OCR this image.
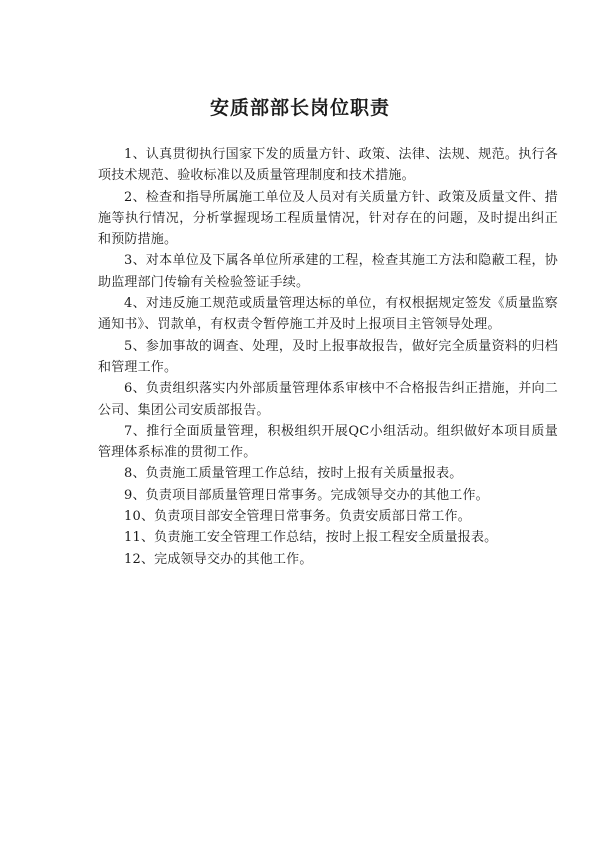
安质部部长岗位职责

1、认真贯彻执行国家下发的质量方针、政策、法律、法规、规范。执行各项技术规范、验收标准以及质量管理制度和技术措施。

2、检查和指导所属施工单位及人员对有关质量方针、政策及质量文件、措施等执行情况，分析掌握现场工程质量情况，针对存在的问题，及时提出纠正和预防措施。

3、对本单位及下属各单位所承建的工程，检查其施工方法和隐蔽工程，协助监理部门传输有关检验签证手续。

4、对违反施工规范或质量管理达标的单位，有权根据规定签发《质量监察通知书》、罚款单，有权责令暂停施工并及时上报项目主管领导处理。

5、参加事故的调查、处理，及时上报事故报告，做好完全质量资料的归档和管理工作。

6、负责组织落实内外部质量管理体系审核中不合格报告纠正措施，并向二公司、集团公司安质部报告。

7、推行全面质量管理，积极组织开展QC小组活动。组织做好本项目质量管理体系标准的贯彻工作。

8、负责施工质量管理工作总结，按时上报有关质量报表。

9、负责项目部质量管理日常事务。完成领导交办的其他工作。

10、负责项目部安全管理日常事务。负责安质部日常工作。

11、负责施工安全管理工作总结，按时上报工程安全质量报表。

12、完成领导交办的其他工作。
